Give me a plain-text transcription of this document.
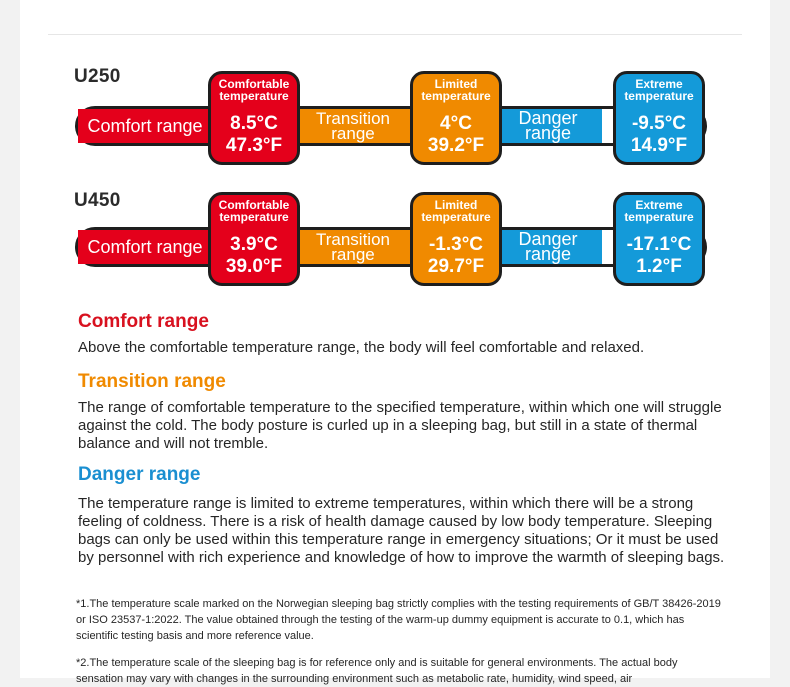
U250
Comfort range	Transition range
Danger range
Comfortable temperature
8.5°C
47.3°F
Limited temperature
4°C
39.2°F
Extreme temperature
-9.5°C
14.9°F
U450
Comfort range	Transition range
Danger range
Comfortable temperature
3.9°C
39.0°F
Limited temperature
-1.3°C
29.7°F
Extreme temperature
-17.1°C
1.2°F
Comfort range
Above the comfortable temperature range, the body will feel comfortable and relaxed.
Transition range
The range of comfortable temperature to the specified temperature, within which one will struggle against the cold. The body posture is curled up in a sleeping bag, but still in a state of thermal balance and will not tremble.
Danger range
The temperature range is limited to extreme temperatures, within which there will be a strong feeling of coldness. There is a risk of health damage caused by low body temperature. Sleeping bags can only be used within this temperature range in emergency situations; Or it must be used by personnel with rich experience and knowledge of how to improve the warmth of sleeping bags.
*1.The temperature scale marked on the Norwegian sleeping bag strictly complies with the testing requirements of GB/T 38426-2019 or ISO 23537-1:2022. The value obtained through the testing of the warm-up dummy equipment is accurate to 0.1, which has scientific testing basis and more reference value.
*2.The temperature scale of the sleeping bag is for reference only and is suitable for general environments. The actual body sensation may vary with changes in the surrounding environment such as metabolic rate, humidity, wind speed, air
